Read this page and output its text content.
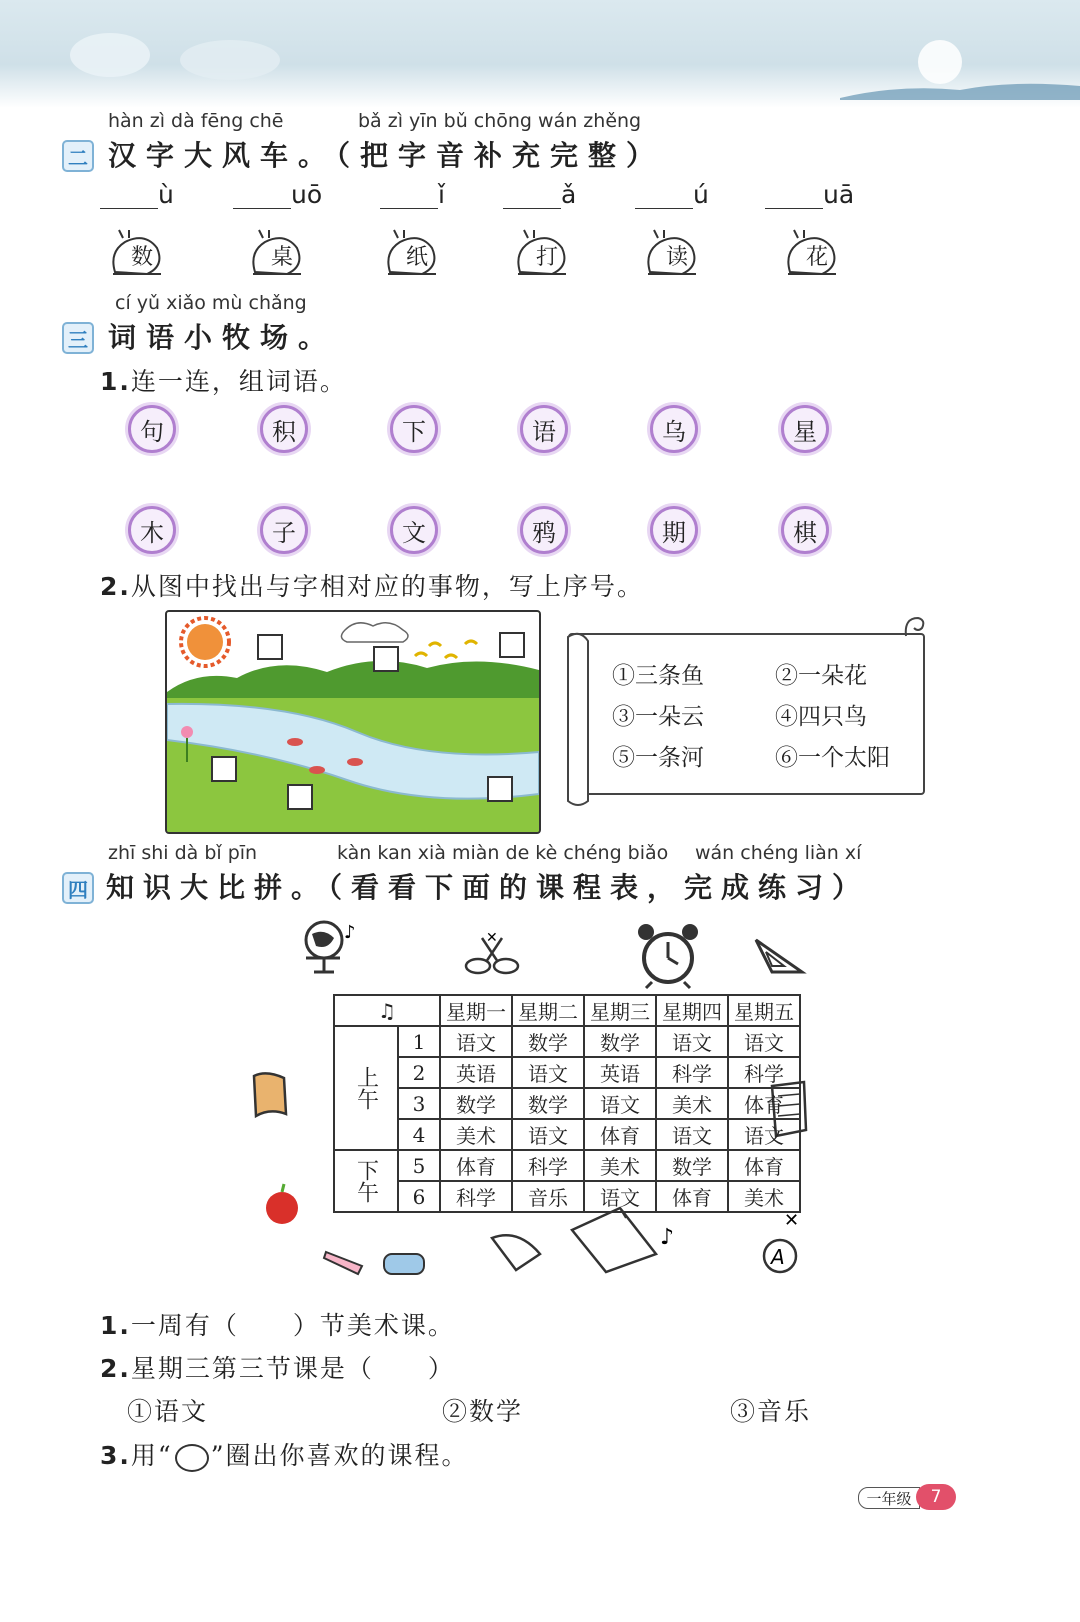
hàn zì dà fēng chē	bǎ zì yīn bǔ chōng wán zhěng
二 汉字大风车。（把字音补充完整）
ù	uō	ǐ	ǎ	ú	uā
数	桌	纸	打	读	花
cí yǔ xiǎo mù chǎng
三 词语小牧场。
1.连一连，组词语。
句	积	下	语	乌	星
木	子	文	鸦	期	棋
2.从图中找出与字相对应的事物，写上序号。
①三条鱼	②一朵花
③一朵云	④四只鸟
⑤一条河	⑥一个太阳
zhī shi dà bǐ pīn	kàn kan xià miàn de kè chéng biǎo wán chéng liàn xí
四 知识大比拼。（看看下面的课程表，完成练习）
♪	✕
♪
✕
A
♫		星期一	星期二	星期三	星期四	星期五
上午	1	语文	数学	数学	语文	语文
	2	英语	语文	英语	科学	科学
	3	数学	数学	语文	美术	体育
	4	美术	语文	体育	语文	语文
下午	5	体育	科学	美术	数学	体育
	6	科学	音乐	语文	体育	美术
1.一周有（　　）节美术课。
2.星期三第三节课是（　　）
①语文	②数学	③音乐
3.用“ ○ ”圈出你喜欢的课程。
一年级	7
